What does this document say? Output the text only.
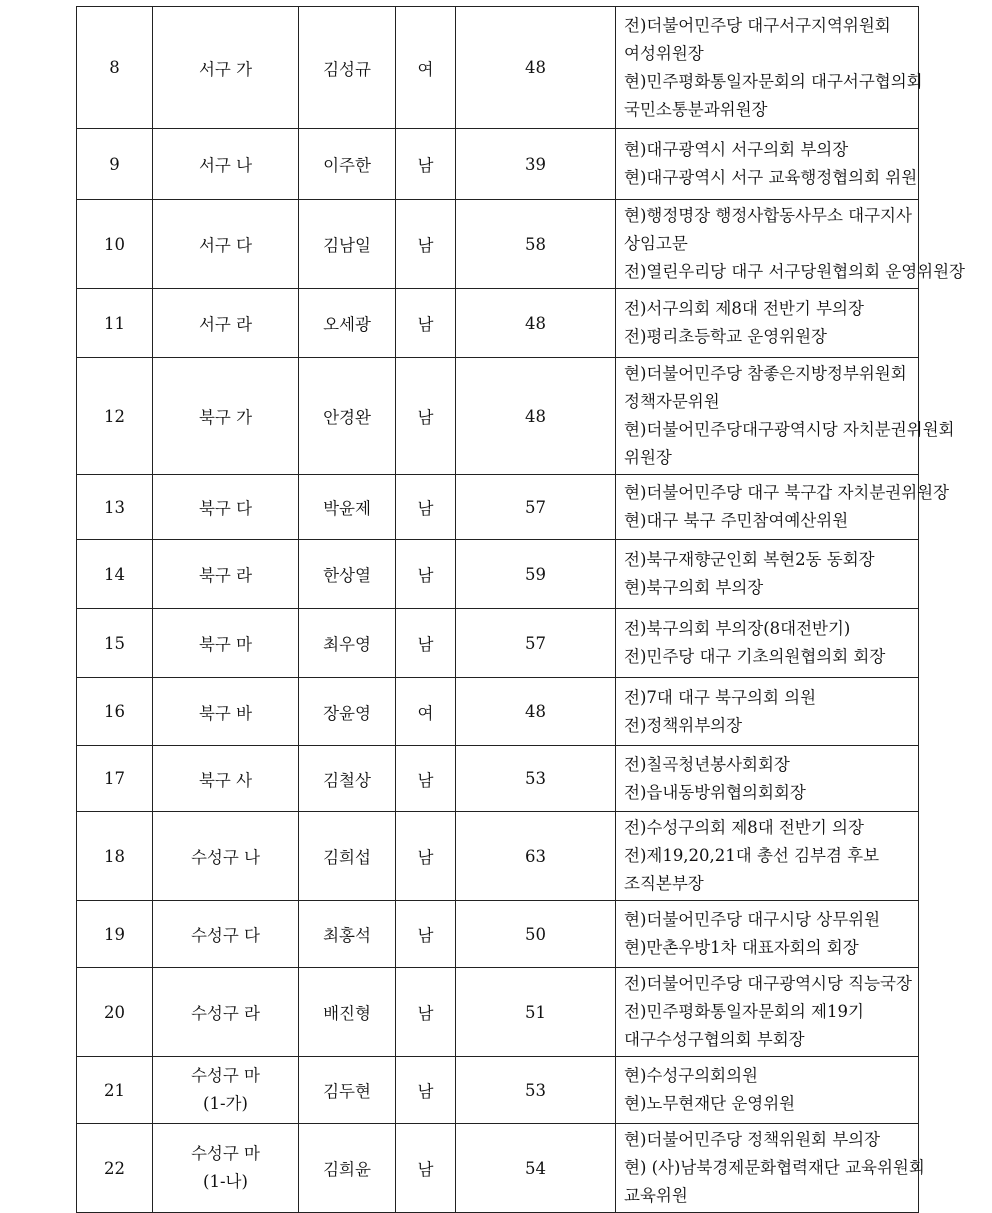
8	서구 가	김성규	여	48	전)더불어민주당 대구서구지역위원회
여성위원장
현)민주평화통일자문회의 대구서구협의회
국민소통분과위원장

9	서구 나	이주한	남	39	현)대구광역시 서구의회 부의장
현)대구광역시 서구 교육행정협의회 위원

10	서구 다	김남일	남	58	현)행정명장 행정사합동사무소 대구지사
상임고문
전)열린우리당 대구 서구당원협의회 운영위원장

11	서구 라	오세광	남	48	전)서구의회 제8대 전반기 부의장
전)평리초등학교 운영위원장

12	북구 가	안경완	남	48	현)더불어민주당 참좋은지방정부위원회
정책자문위원
현)더불어민주당대구광역시당 자치분권위원회
위원장

13	북구 다	박윤제	남	57	현)더불어민주당 대구 북구갑 자치분권위원장
현)대구 북구 주민참여예산위원

14	북구 라	한상열	남	59	전)북구재향군인회 복현2동 동회장
현)북구의회 부의장

15	북구 마	최우영	남	57	전)북구의회 부의장(8대전반기)
전)민주당 대구 기초의원협의회 회장

16	북구 바	장윤영	여	48	전)7대 대구 북구의회 의원
전)정책위부의장

17	북구 사	김철상	남	53	전)칠곡청년봉사회회장
전)읍내동방위협의회회장

18	수성구 나	김희섭	남	63	전)수성구의회 제8대 전반기 의장
전)제19,20,21대 총선 김부겸 후보
조직본부장

19	수성구 다	최홍석	남	50	현)더불어민주당 대구시당 상무위원
현)만촌우방1차 대표자회의 회장

20	수성구 라	배진형	남	51	전)더불어민주당 대구광역시당 직능국장
전)민주평화통일자문회의 제19기
대구수성구협의회 부회장

21	수성구 마
(1-가)	김두현	남	53	현)수성구의회의원
현)노무현재단 운영위원

22	수성구 마
(1-나)	김희윤	남	54	현)더불어민주당 정책위원회 부의장
현) (사)남북경제문화협력재단 교육위원회
교육위원
